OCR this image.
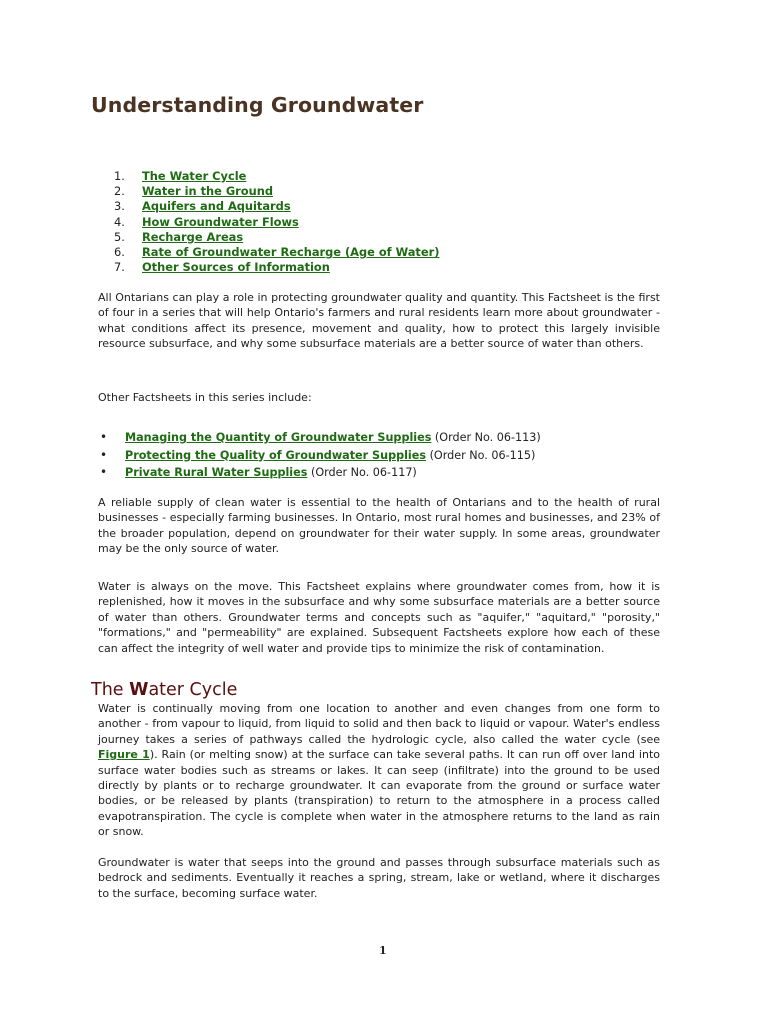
Understanding Groundwater
1.	The Water Cycle
2.	Water in the Ground
3.	Aquifers and Aquitards
4.	How Groundwater Flows
5.	Recharge Areas
6.	Rate of Groundwater Recharge (Age of Water)
7.	Other Sources of Information

All Ontarians can play a role in protecting groundwater quality and quantity. This Factsheet is the first of four in a series that will help Ontario's farmers and rural residents learn more about groundwater - what conditions affect its presence, movement and quality, how to protect this largely invisible resource subsurface, and why some subsurface materials are a better source of water than others.

Other Factsheets in this series include:

•	Managing the Quantity of Groundwater Supplies (Order No. 06-113)
•	Protecting the Quality of Groundwater Supplies (Order No. 06-115)
•	Private Rural Water Supplies (Order No. 06-117)

A reliable supply of clean water is essential to the health of Ontarians and to the health of rural businesses - especially farming businesses. In Ontario, most rural homes and businesses, and 23% of the broader population, depend on groundwater for their water supply. In some areas, groundwater may be the only source of water.

Water is always on the move. This Factsheet explains where groundwater comes from, how it is replenished, how it moves in the subsurface and why some subsurface materials are a better source of water than others. Groundwater terms and concepts such as "aquifer," "aquitard," "porosity," "formations," and "permeability" are explained. Subsequent Factsheets explore how each of these can affect the integrity of well water and provide tips to minimize the risk of contamination.

The Water Cycle

Water is continually moving from one location to another and even changes from one form to another - from vapour to liquid, from liquid to solid and then back to liquid or vapour. Water's endless journey takes a series of pathways called the hydrologic cycle, also called the water cycle (see Figure 1). Rain (or melting snow) at the surface can take several paths. It can run off over land into surface water bodies such as streams or lakes. It can seep (infiltrate) into the ground to be used directly by plants or to recharge groundwater. It can evaporate from the ground or surface water bodies, or be released by plants (transpiration) to return to the atmosphere in a process called evapotranspiration. The cycle is complete when water in the atmosphere returns to the land as rain or snow.

Groundwater is water that seeps into the ground and passes through subsurface materials such as bedrock and sediments. Eventually it reaches a spring, stream, lake or wetland, where it discharges to the surface, becoming surface water.

1
